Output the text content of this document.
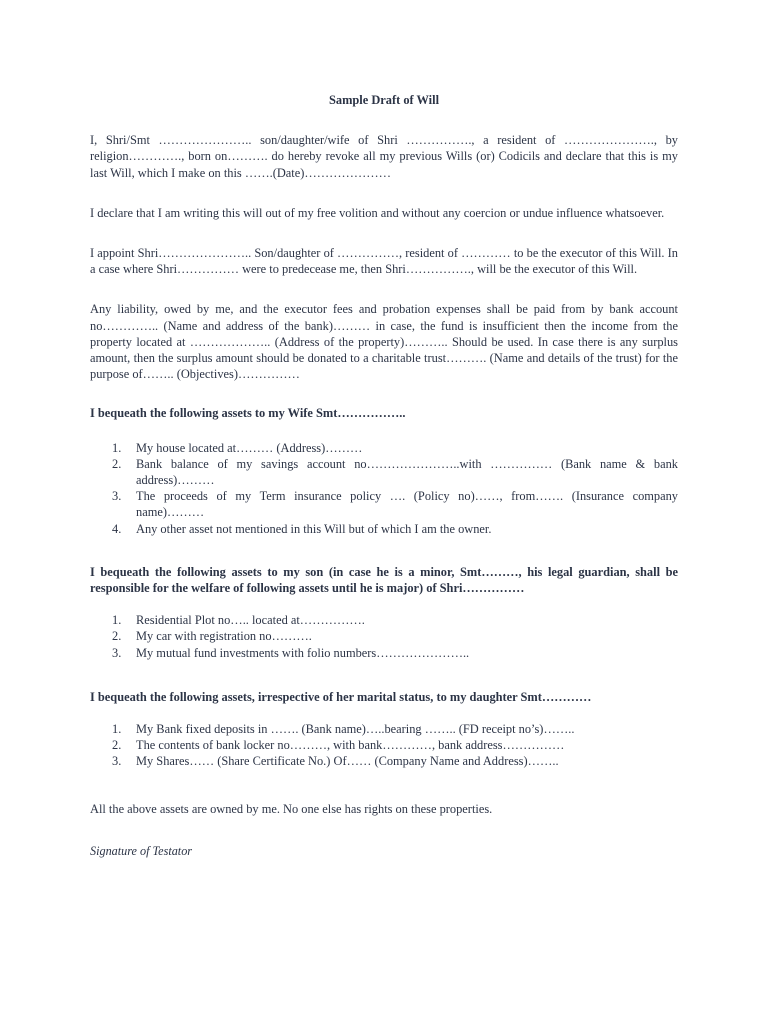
Sample Draft of Will

I, Shri/Smt ………………….. son/daughter/wife of Shri ……………., a resident of …………………., by religion…………., born on………. do hereby revoke all my previous Wills (or) Codicils and declare that this is my last Will, which I make on this …….(Date)…………………

I declare that I am writing this will out of my free volition and without any coercion or undue influence whatsoever.

I appoint Shri………………….. Son/daughter of ……………, resident of ………… to be the executor of this Will. In a case where Shri…………… were to predecease me, then Shri……………., will be the executor of this Will.

Any liability, owed by me, and the executor fees and probation expenses shall be paid from by bank account no………….. (Name and address of the bank)……… in case, the fund is insufficient then the income from the property located at ……………….. (Address of the property)……….. Should be used. In case there is any surplus amount, then the surplus amount should be donated to a charitable trust………. (Name and details of the trust) for the purpose of…….. (Objectives)……………

I bequeath the following assets to my Wife Smt……………..
1. My house located at……… (Address)………
2. Bank balance of my savings account no…………………..with …………… (Bank name & bank address)………
3. The proceeds of my Term insurance policy …. (Policy no)……, from……. (Insurance company name)………
4. Any other asset not mentioned in this Will but of which I am the owner.
I bequeath the following assets to my son (in case he is a minor, Smt………, his legal guardian, shall be responsible for the welfare of following assets until he is major) of Shri……………
1. Residential Plot no….. located at…………….
2. My car with registration no……….
3. My mutual fund investments with folio numbers…………………..
I bequeath the following assets, irrespective of her marital status, to my daughter Smt…………
1. My Bank fixed deposits in ……. (Bank name)…..bearing …….. (FD receipt no’s)……..
2. The contents of bank locker no………, with bank…………, bank address……………
3. My Shares…… (Share Certificate No.) Of…… (Company Name and Address)……..

All the above assets are owned by me. No one else has rights on these properties.

Signature of Testator
